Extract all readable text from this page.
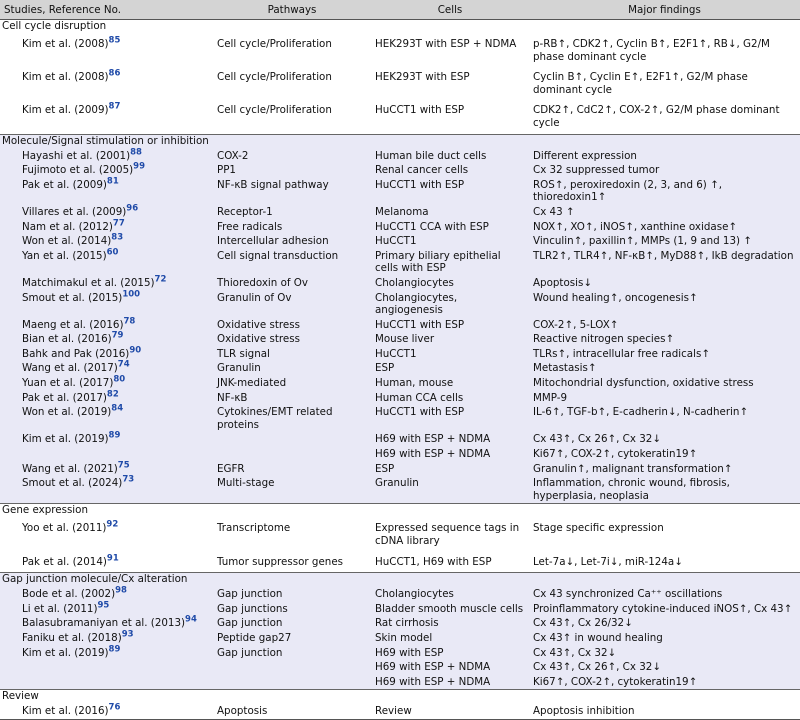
Studies, Reference No.	Pathways	Cells	Major findings
Cell cycle disruption			
Kim et al. (2008)$^{85}$	Cell cycle/Proliferation	HEK293T with ESP + NDMA	p-RB↑, CDK2↑, Cyclin B↑, E2F1↑, RB↓, G2/M phase dominant cycle
Kim et al. (2008)$^{86}$	Cell cycle/Proliferation	HEK293T with ESP	Cyclin B↑, Cyclin E↑, E2F1↑, G2/M phase dominant cycle
Kim et al. (2009)$^{87}$	Cell cycle/Proliferation	HuCCT1 with ESP	CDK2↑, CdC2↑, COX-2↑, G2/M phase dominant cycle
Molecule/Signal stimulation or inhibition			
Hayashi et al. (2001)$^{88}$	COX-2	Human bile duct cells	Different expression
Fujimoto et al. (2005)$^{99}$	PP1	Renal cancer cells	Cx 32 suppressed tumor
Pak et al. (2009)$^{81}$	NF-κB signal pathway	HuCCT1 with ESP	ROS↑, peroxiredoxin (2, 3, and 6) ↑, thioredoxin1↑
Villares et al. (2009)$^{96}$	Receptor-1	Melanoma	Cx 43 ↑
Nam et al. (2012)$^{77}$	Free radicals	HuCCT1 CCA with ESP	NOX↑, XO↑, iNOS↑, xanthine oxidase↑
Won et al. (2014)$^{83}$	Intercellular adhesion	HuCCT1	Vinculin↑, paxillin↑, MMPs (1, 9 and 13) ↑
Yan et al. (2015)$^{60}$	Cell signal transduction	Primary biliary epithelial cells with ESP	TLR2↑, TLR4↑, NF-κB↑, MyD88↑, IkB degradation
Matchimakul et al. (2015)$^{72}$	Thioredoxin of Ov	Cholangiocytes	Apoptosis↓
Smout et al. (2015)$^{100}$	Granulin of Ov	Cholangiocytes, angiogenesis	Wound healing↑, oncogenesis↑
Maeng et al. (2016)$^{78}$	Oxidative stress	HuCCT1 with ESP	COX-2↑, 5-LOX↑
Bian et al. (2016)$^{79}$	Oxidative stress	Mouse liver	Reactive nitrogen species↑
Bahk and Pak (2016)$^{90}$	TLR signal	HuCCT1	TLRs↑, intracellular free radicals↑
Wang et al. (2017)$^{74}$	Granulin	ESP	Metastasis↑
Yuan et al. (2017)$^{80}$	JNK-mediated	Human, mouse	Mitochondrial dysfunction, oxidative stress
Pak et al. (2017)$^{82}$	NF-κB	Human CCA cells	MMP-9
Won et al. (2019)$^{84}$	Cytokines/EMT related proteins	HuCCT1 with ESP	IL-6↑, TGF-b↑, E-cadherin↓, N-cadherin↑
Kim et al. (2019)$^{89}$		H69 with ESP + NDMA	Cx 43↑, Cx 26↑, Cx 32↓
		H69 with ESP + NDMA	Ki67↑, COX-2↑, cytokeratin19↑
Wang et al. (2021)$^{75}$	EGFR	ESP	Granulin↑, malignant transformation↑
Smout et al. (2024)$^{73}$	Multi-stage	Granulin	Inflammation, chronic wound, fibrosis, hyperplasia, neoplasia
Gene expression			
Yoo et al. (2011)$^{92}$	Transcriptome	Expressed sequence tags in cDNA library	Stage specific expression
Pak et al. (2014)$^{91}$	Tumor suppressor genes	HuCCT1, H69 with ESP	Let-7a↓, Let-7i↓, miR-124a↓
Gap junction molecule/Cx alteration			
Bode et al. (2002)$^{98}$	Gap junction	Cholangiocytes	Cx 43 synchronized Ca⁺⁺ oscillations
Li et al. (2011)$^{95}$	Gap junctions	Bladder smooth muscle cells	Proinflammatory cytokine-induced iNOS↑, Cx 43↑
Balasubramaniyan et al. (2013)$^{94}$	Gap junction	Rat cirrhosis	Cx 43↑, Cx 26/32↓
Faniku et al. (2018)$^{93}$	Peptide gap27	Skin model	Cx 43↑ in wound healing
Kim et al. (2019)$^{89}$	Gap junction	H69 with ESP	Cx 43↑, Cx 32↓
		H69 with ESP + NDMA	Cx 43↑, Cx 26↑, Cx 32↓
		H69 with ESP + NDMA	Ki67↑, COX-2↑, cytokeratin19↑
Review			
Kim et al. (2016)$^{76}$	Apoptosis	Review	Apoptosis inhibition
